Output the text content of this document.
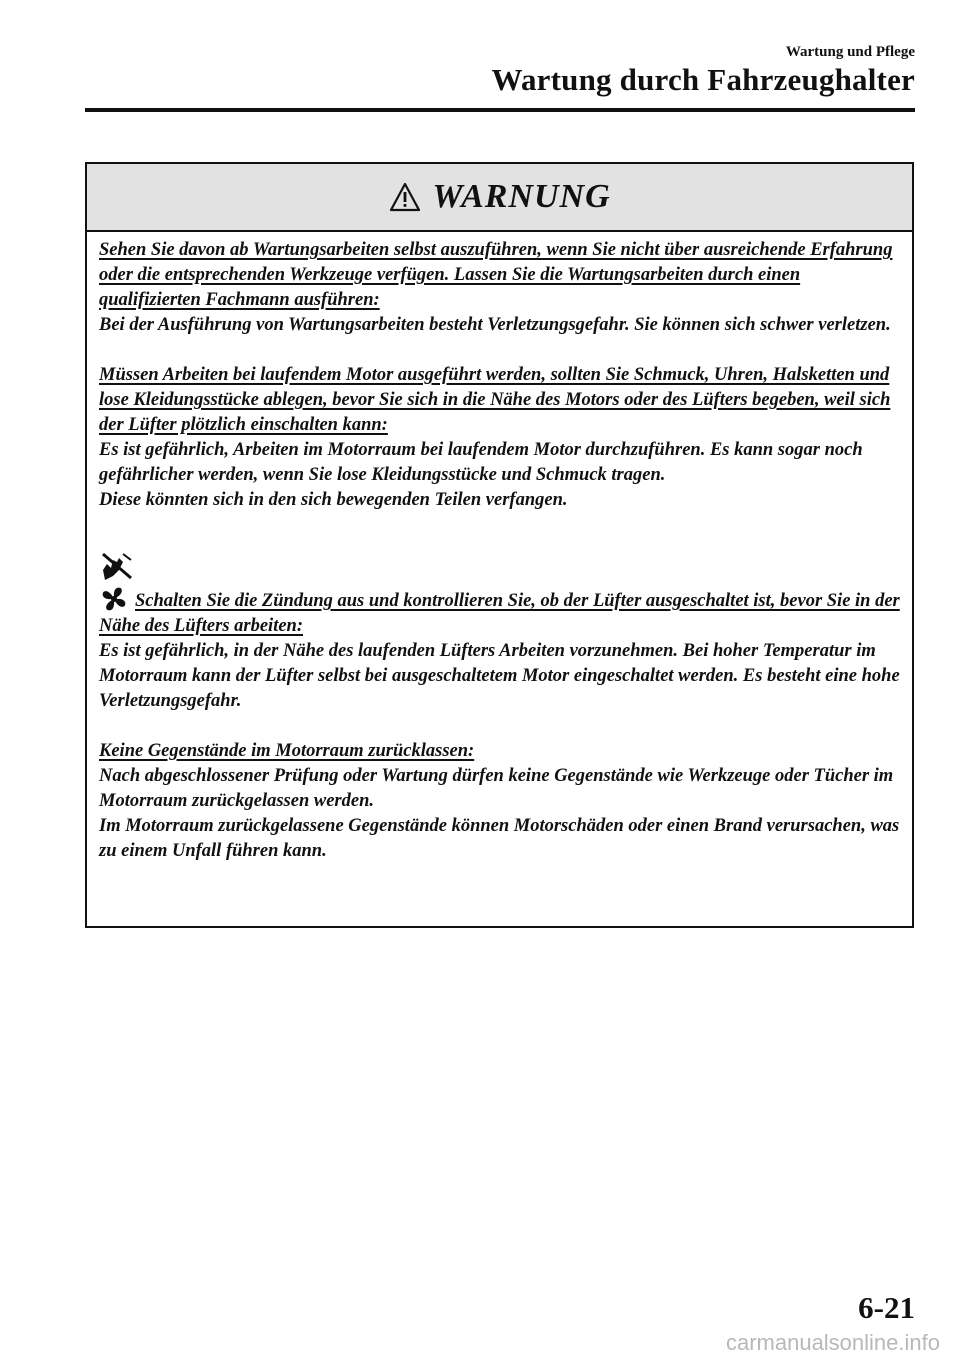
Wartung und Pflege
Wartung durch Fahrzeughalter
WARNUNG

Sehen Sie davon ab Wartungsarbeiten selbst auszuführen, wenn Sie nicht über ausreichende Erfahrung oder die entsprechenden Werkzeuge verfügen. Lassen Sie die Wartungsarbeiten durch einen qualifizierten Fachmann ausführen:

Bei der Ausführung von Wartungsarbeiten besteht Verletzungsgefahr. Sie können sich schwer verletzen.

Müssen Arbeiten bei laufendem Motor ausgeführt werden, sollten Sie Schmuck, Uhren, Halsketten und lose Kleidungsstücke ablegen, bevor Sie sich in die Nähe des Motors oder des Lüfters begeben, weil sich der Lüfter plötzlich einschalten kann:

Es ist gefährlich, Arbeiten im Motorraum bei laufendem Motor durchzuführen. Es kann sogar noch gefährlicher werden, wenn Sie lose Kleidungsstücke und Schmuck tragen.

Diese könnten sich in den sich bewegenden Teilen verfangen.

Schalten Sie die Zündung aus und kontrollieren Sie, ob der Lüfter ausgeschaltet ist, bevor Sie in der Nähe des Lüfters arbeiten:

Es ist gefährlich, in der Nähe des laufenden Lüfters Arbeiten vorzunehmen. Bei hoher Temperatur im Motorraum kann der Lüfter selbst bei ausgeschaltetem Motor eingeschaltet werden. Es besteht eine hohe Verletzungsgefahr.

Keine Gegenstände im Motorraum zurücklassen:

Nach abgeschlossener Prüfung oder Wartung dürfen keine Gegenstände wie Werkzeuge oder Tücher im Motorraum zurückgelassen werden.

Im Motorraum zurückgelassene Gegenstände können Motorschäden oder einen Brand verursachen, was zu einem Unfall führen kann.

6-21
carmanualsonline.info
